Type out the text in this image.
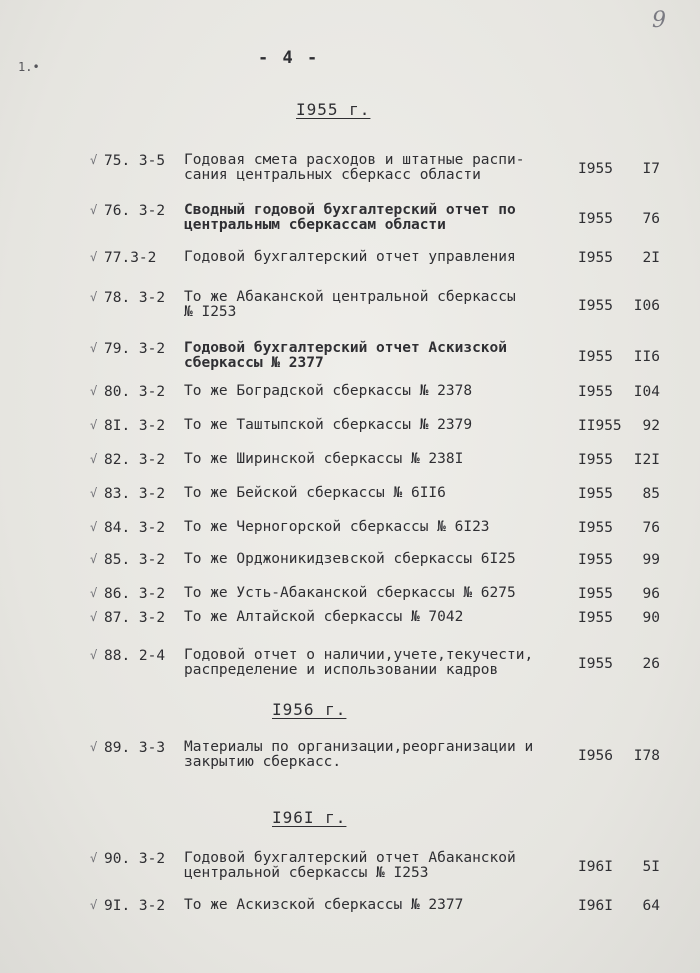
9
1.•	- 4 -
I955 г.
I956 г.
I96I г.
√ 75. 3-5 Годовая смета расходов и штатные распи-
сания центральных сберкасс области	I955 I7
√ 76. 3-2 Сводный годовой бухгалтерский отчет по
центральным сберкассам области	I955 76
√ 77.3-2 Годовой бухгалтерский отчет управления	I955 2I
√ 78. 3-2 То же Абаканской центральной сберкассы
№ I253	I955 I06
√ 79. 3-2 Годовой бухгалтерский отчет Аскизской
сберкассы № 2377	I955 II6
√ 80. 3-2 То же Боградской сберкассы № 2378	I955 I04
√ 8I. 3-2 То же Таштыпской сберкассы № 2379	II955 92
√ 82. 3-2 То же Ширинской сберкассы № 238I	I955 I2I
√ 83. 3-2 То же Бейской сберкассы № 6II6	I955 85
√ 84. 3-2 То же Черногорской сберкассы № 6I23	I955 76
√ 85. 3-2 То же Орджоникидзевской сберкассы 6I25	I955 99
√ 86. 3-2 То же Усть-Абаканской сберкассы № 6275	I955 96
√ 87. 3-2 То же Алтайской сберкассы № 7042	I955 90
√ 88. 2-4 Годовой отчет о наличии,учете,текучести,
распределение и использовании кадров	I955 26
√ 89. 3-3 Материалы по организации,реорганизации и
закрытию сберкасс.	I956 I78
√ 90. 3-2 Годовой бухгалтерский отчет Абаканской
центральной сберкассы № I253	I96I 5I
√ 9I. 3-2 То же Аскизской сберкассы № 2377	I96I 64
